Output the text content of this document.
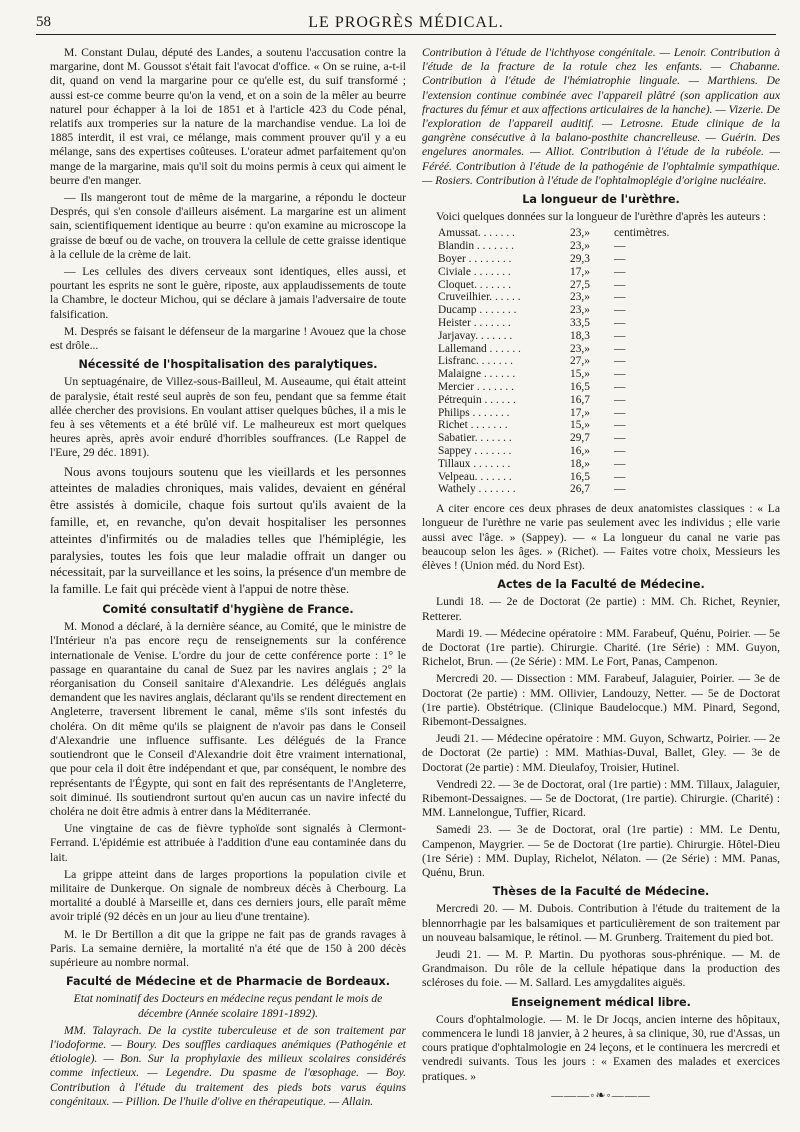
58	LE PROGRÈS MÉDICAL.

M. Constant Dulau, député des Landes, a soutenu l'accusation contre la margarine, dont M. Goussot s'était fait l'avocat d'office. « On se ruine, a-t-il dit, quand on vend la margarine pour ce qu'elle est, du suif transformé ; aussi est-ce comme beurre qu'on la vend, et on a soin de la mêler au beurre naturel pour échapper à la loi de 1851 et à l'article 423 du Code pénal, relatifs aux tromperies sur la nature de la marchandise vendue. La loi de 1885 interdit, il est vrai, ce mélange, mais comment prouver qu'il y a eu mélange, sans des expertises coûteuses. L'orateur admet parfaitement qu'on mange de la margarine, mais qu'il soit du moins permis à ceux qui aiment le beurre d'en manger.

— Ils mangeront tout de même de la margarine, a répondu le docteur Després, qui s'en console d'ailleurs aisément. La margarine est un aliment sain, scientifiquement identique au beurre : qu'on examine au microscope la graisse de bœuf ou de vache, on trouvera la cellule de cette graisse identique à la cellule de la crème de lait.

— Les cellules des divers cerveaux sont identiques, elles aussi, et pourtant les esprits ne sont le guère, riposte, aux applaudissements de toute la Chambre, le docteur Michou, qui se déclare à jamais l'adversaire de toute falsification.

M. Després se faisant le défenseur de la margarine ! Avouez que la chose est drôle...

Nécessité de l'hospitalisation des paralytiques.

Un septuagénaire, de Villez-sous-Bailleul, M. Auseaume, qui était atteint de paralysie, était resté seul auprès de son feu, pendant que sa femme était allée chercher des provisions. En voulant attiser quelques bûches, il a mis le feu à ses vêtements et a été brûlé vif. Le malheureux est mort quelques heures après, après avoir enduré d'horribles souffrances. (Le Rappel de l'Eure, 29 déc. 1891).

Nous avons toujours soutenu que les vieillards et les personnes atteintes de maladies chroniques, mais valides, devaient en général être assistés à domicile, chaque fois surtout qu'ils avaient de la famille, et, en revanche, qu'on devait hospitaliser les personnes atteintes d'infirmités ou de maladies telles que l'hémiplégie, les paralysies, toutes les fois que leur maladie offrait un danger ou nécessitait, par la surveillance et les soins, la présence d'un membre de la famille. Le fait qui précède vient à l'appui de notre thèse.

Comité consultatif d'hygiène de France.

M. Monod a déclaré, à la dernière séance, au Comité, que le ministre de l'Intérieur n'a pas encore reçu de renseignements sur la conférence internationale de Venise. L'ordre du jour de cette conférence porte : 1° le passage en quarantaine du canal de Suez par les navires anglais ; 2° la réorganisation du Conseil sanitaire d'Alexandrie. Les délégués anglais demandent que les navires anglais, déclarant qu'ils se rendent directement en Angleterre, traversent librement le canal, même s'ils sont infestés du choléra. On dit même qu'ils se plaignent de n'avoir pas dans le Conseil d'Alexandrie une influence suffisante. Les délégués de la France soutiendront que le Conseil d'Alexandrie doit être vraiment international, que pour cela il doit être indépendant et que, par conséquent, le nombre des représentants de l'Égypte, qui sont en fait des représentants de l'Angleterre, soit diminué. Ils soutiendront surtout qu'en aucun cas un navire infecté du choléra ne doit être admis à entrer dans la Méditerranée.

Une vingtaine de cas de fièvre typhoïde sont signalés à Clermont-Ferrand. L'épidémie est attribuée à l'addition d'une eau contaminée dans du lait.

La grippe atteint dans de larges proportions la population civile et militaire de Dunkerque. On signale de nombreux décès à Cherbourg. La mortalité a doublé à Marseille et, dans ces derniers jours, elle paraît même avoir triplé (92 décès en un jour au lieu d'une trentaine).

M. le Dr Bertillon a dit que la grippe ne fait pas de grands ravages à Paris. La semaine dernière, la mortalité n'a été que de 150 à 200 décès supérieure au nombre normal.

Faculté de Médecine et de Pharmacie de Bordeaux.

Etat nominatif des Docteurs en médecine reçus pendant le mois de décembre (Année scolaire 1891-1892).

MM. Talayrach. De la cystite tuberculeuse et de son traitement par l'iodoforme. — Boury. Des souffles cardiaques anémiques (Pathogénie et étiologie). — Bon. Sur la prophylaxie des milieux scolaires considérés comme infectieux. — Legendre. Du spasme de l'œsophage. — Boy. Contribution à l'étude du traitement des pieds bots varus équins congénitaux. — Pillion. De l'huile d'olive en thérapeutique. — Allain.

Contribution à l'étude de l'ichthyose congénitale. — Lenoir. Contribution à l'étude de la fracture de la rotule chez les enfants. — Chabanne. Contribution à l'étude de l'hémiatrophie linguale. — Marthiens. De l'extension continue combinée avec l'appareil plâtré (son application aux fractures du fémur et aux affections articulaires de la hanche). — Vizerie. De l'exploration de l'appareil auditif. — Letrosne. Etude clinique de la gangrène consécutive à la balano-posthite chancrelleuse. — Guérin. Des engelures anormales. — Alliot. Contribution à l'étude de la rubéole. — Féréé. Contribution à l'étude de la pathogénie de l'ophtalmie sympathique. — Rosiers. Contribution à l'étude de l'ophtalmoplégie d'origine nucléaire.

La longueur de l'urèthre.

Voici quelques données sur la longueur de l'urèthre d'après les auteurs :

Amussat. . . . . . .	23,»	centimètres.
Blandin . . . . . . .	23,»	—
Boyer . . . . . . . .	29,3	—
Civiale . . . . . . .	17,»	—
Cloquet. . . . . . .	27,5	—
Cruveilhier. . . . . .	23,»	—
Ducamp . . . . . . .	23,»	—
Heister . . . . . . .	33,5	—
Jarjavay. . . . . . .	18,3	—
Lallemand . . . . . .	23,»	—
Lisfranc. . . . . . .	27,»	—
Malaigne . . . . . .	15,»	—
Mercier . . . . . . .	16,5	—
Pétrequin . . . . . .	16,7	—
Philips . . . . . . .	17,»	—
Richet . . . . . . .	15,»	—
Sabatier. . . . . . .	29,7	—
Sappey . . . . . . .	16,»	—
Tillaux . . . . . . .	18,»	—
Velpeau. . . . . . .	16,5	—
Wathely . . . . . . .	26,7	—

A citer encore ces deux phrases de deux anatomistes classiques : « La longueur de l'urèthre ne varie pas seulement avec les individus ; elle varie aussi avec l'âge. » (Sappey). — « La longueur du canal ne varie pas beaucoup selon les âges. » (Richet). — Faites votre choix, Messieurs les élèves ! (Union méd. du Nord Est).

Actes de la Faculté de Médecine.

Lundi 18. — 2e de Doctorat (2e partie) : MM. Ch. Richet, Reynier, Retterer.

Mardi 19. — Médecine opératoire : MM. Farabeuf, Quénu, Poirier. — 5e de Doctorat (1re partie). Chirurgie. Charité. (1re Série) : MM. Guyon, Richelot, Brun. — (2e Série) : MM. Le Fort, Panas, Campenon.

Mercredi 20. — Dissection : MM. Farabeuf, Jalaguier, Poirier. — 3e de Doctorat (2e partie) : MM. Ollivier, Landouzy, Netter. — 5e de Doctorat (1re partie). Obstétrique. (Clinique Baudelocque.) MM. Pinard, Segond, Ribemont-Dessaignes.

Jeudi 21. — Médecine opératoire : MM. Guyon, Schwartz, Poirier. — 2e de Doctorat (2e partie) : MM. Mathias-Duval, Ballet, Gley. — 3e de Doctorat (2e partie) : MM. Dieulafoy, Troisier, Hutinel.

Vendredi 22. — 3e de Doctorat, oral (1re partie) : MM. Tillaux, Jalaguier, Ribemont-Dessaignes. — 5e de Doctorat, (1re partie). Chirurgie. (Charité) : MM. Lannelongue, Tuffier, Ricard.

Samedi 23. — 3e de Doctorat, oral (1re partie) : MM. Le Dentu, Campenon, Maygrier. — 5e de Doctorat (1re partie). Chirurgie. Hôtel-Dieu (1re Série) : MM. Duplay, Richelot, Nélaton. — (2e Série) : MM. Panas, Quénu, Brun.

Thèses de la Faculté de Médecine.

Mercredi 20. — M. Dubois. Contribution à l'étude du traitement de la blennorrhagie par les balsamiques et particulièrement de son traitement par un nouveau balsamique, le rétinol. — M. Grunberg. Traitement du pied bot.

Jeudi 21. — M. P. Martin. Du pyothoras sous-phrénique. — M. de Grandmaison. Du rôle de la cellule hépatique dans la production des scléroses du foie. — M. Sallard. Les amygdalites aiguës.

Enseignement médical libre.

Cours d'ophtalmologie. — M. le Dr Jocqs, ancien interne des hôpitaux, commencera le lundi 18 janvier, à 2 heures, à sa clinique, 30, rue d'Assas, un cours pratique d'ophtalmologie en 24 leçons, et le continuera les mercredi et vendredi suivants. Tous les jours : « Examen des malades et exercices pratiques. »

———◦❧◦———
